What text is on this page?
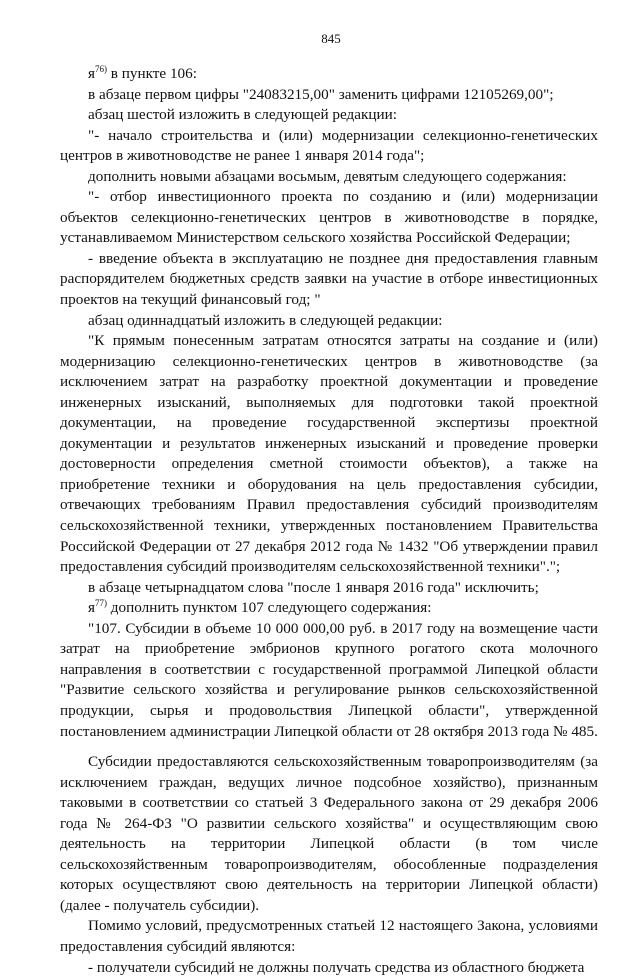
845

$я^{76)}$ в пункте 106:

в абзаце первом цифры "24083215,00" заменить цифрами 12105269,00";

абзац шестой изложить в следующей редакции:

"- начало строительства и (или) модернизации селекционно-генетических центров в животноводстве не ранее 1 января 2014 года";

дополнить новыми абзацами восьмым, девятым следующего содержания:

"- отбор инвестиционного проекта по созданию и (или) модернизации объектов селекционно-генетических центров в животноводстве в порядке, устанавливаемом Министерством сельского хозяйства Российской Федерации;

- введение объекта в эксплуатацию не позднее дня предоставления главным распорядителем бюджетных средств заявки на участие в отборе инвестиционных проектов на текущий финансовый год; "

абзац одиннадцатый изложить в следующей редакции:

"К прямым понесенным затратам относятся затраты на создание и (или) модернизацию селекционно-генетических центров в животноводстве (за исключением затрат на разработку проектной документации и проведение инженерных изысканий, выполняемых для подготовки такой проектной документации, на проведение государственной экспертизы проектной документации и результатов инженерных изысканий и проведение проверки достоверности определения сметной стоимости объектов), а также на приобретение техники и оборудования на цель предоставления субсидии, отвечающих требованиям Правил предоставления субсидий производителям сельскохозяйственной техники, утвержденных постановлением Правительства Российской Федерации от 27 декабря 2012 года № 1432 "Об утверждении правил предоставления субсидий производителям сельскохозяйственной техники".";

в абзаце четырнадцатом слова "после 1 января 2016 года" исключить;

$я^{77)}$ дополнить пунктом 107 следующего содержания:

"107. Субсидии в объеме 10 000 000,00 руб. в 2017 году на возмещение части затрат на приобретение эмбрионов крупного рогатого скота молочного направления в соответствии с государственной программой Липецкой области "Развитие сельского хозяйства и регулирование рынков сельскохозяйственной продукции, сырья и продовольствия Липецкой области", утвержденной постановлением администрации Липецкой области от 28 октября 2013 года № 485.

Субсидии предоставляются сельскохозяйственным товаропроизводителям (за исключением граждан, ведущих личное подсобное хозяйство), признанным таковыми в соответствии со статьей 3 Федерального закона от 29 декабря 2006 года № 264-ФЗ "О развитии сельского хозяйства" и осуществляющим свою деятельность на территории Липецкой области (в том числе сельскохозяйственным товаропроизводителям, обособленные подразделения которых осуществляют свою деятельность на территории Липецкой области) (далее - получатель субсидии).

Помимо условий, предусмотренных статьей 12 настоящего Закона, условиями предоставления субсидий являются:

- получатели субсидий не должны получать средства из областного бюджета
